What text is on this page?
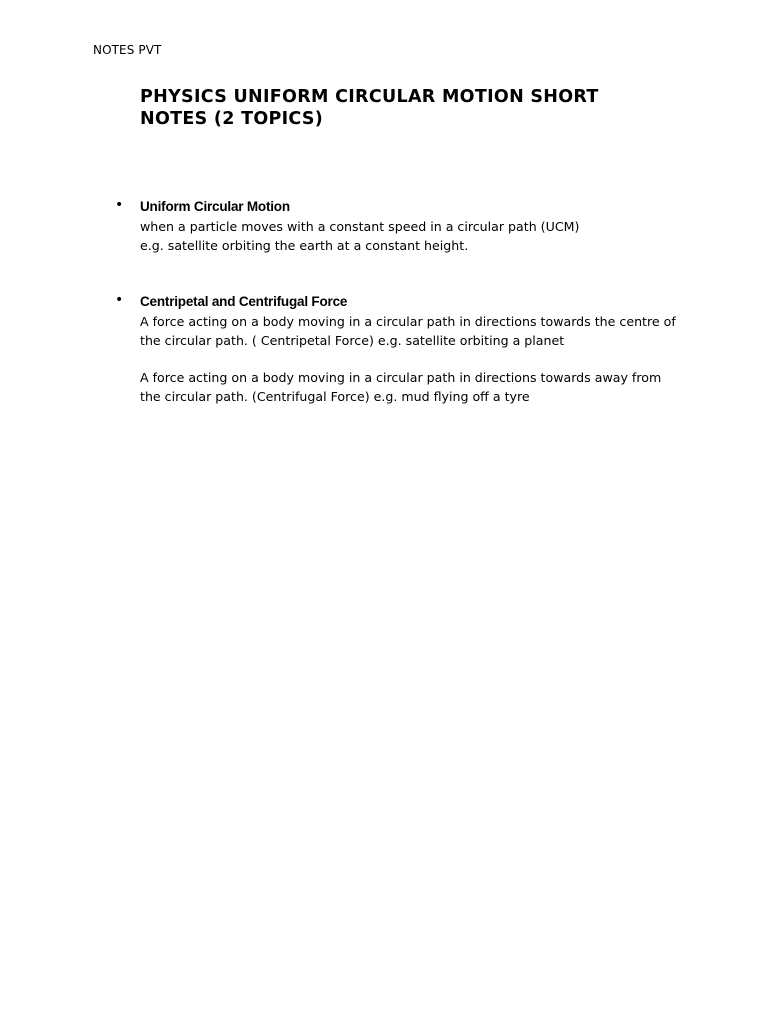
NOTES PVT
PHYSICS UNIFORM CIRCULAR MOTION SHORT
NOTES (2 TOPICS)
• Uniform Circular Motion
when a particle moves with a constant speed in a circular path (UCM)
e.g. satellite orbiting the earth at a constant height.
• Centripetal and Centrifugal Force
A force acting on a body moving in a circular path in directions towards the centre of
the circular path. ( Centripetal Force) e.g. satellite orbiting a planet
A force acting on a body moving in a circular path in directions towards away from
the circular path. (Centrifugal Force) e.g. mud flying off a tyre
